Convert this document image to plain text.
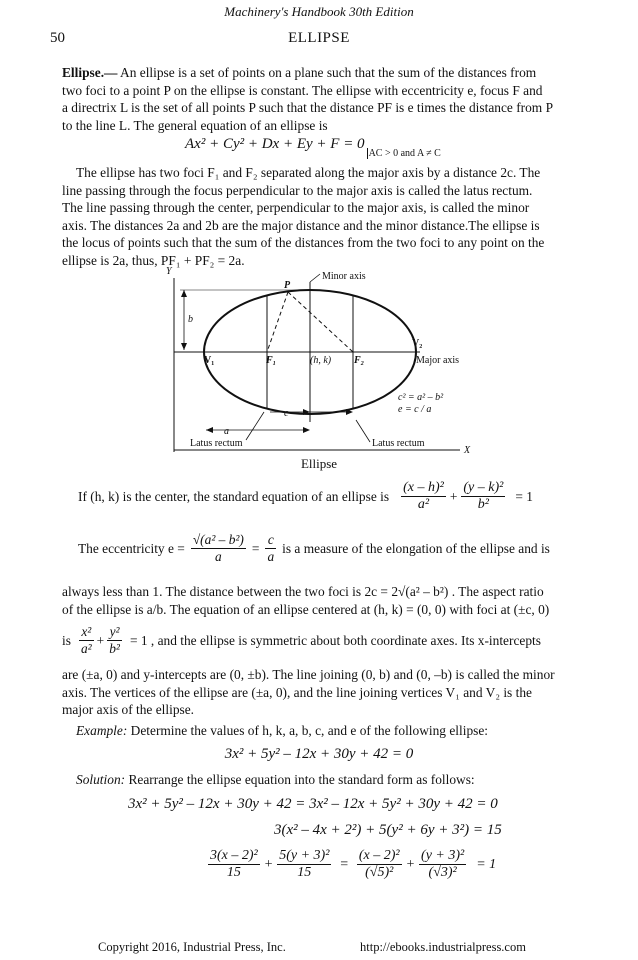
Machinery's Handbook 30th Edition
50	ELLIPSE
Ellipse.— An ellipse is a set of points on a plane such that the sum of the distances from
two foci to a point P on the ellipse is constant. The ellipse with eccentricity e, focus F and
a directrix L is the set of all points P such that the distance PF is e times the distance from P
to the line L. The general equation of an ellipse is
$Ax^2 + Cy^2 + Dx + Ey + F = 0_{AC > 0 and A \ne C}$
The ellipse has two foci F₁ and F₂ separated along the major axis by a distance 2c. The
line passing through the focus perpendicular to the major axis is called the latus rectum.
The line passing through the center, perpendicular to the major axis, is called the minor
axis. The distances 2a and 2b are the major distance and the minor distance.The ellipse is
the locus of points such that the sum of the distances from the two foci to any point on the
ellipse is 2a, thus, PF₁ + PF₂ = 2a.
Y
X
Minor axis
b
P
V₁	F₁	(h, k) F₂
V₂
Major axis
c² = a² – b²
e = c / a
c
a
Latus rectum	Latus rectum
Ellipse
If (h, k) is the center, the standard equation of an ellipse is $\frac{\text{(x – h)²}}{\text{a²}} + \frac{\text{(y – k)²}}{\text{b²}} = 1$
The eccentricity $e = \frac{\text{√(a² – b²)}}{a} = \frac{c}{a}$ is a measure of the elongation of the ellipse and is
always less than 1. The distance between the two foci is 2c = 2√(a² – b²) . The aspect ratio
of the ellipse is a/b. The equation of an ellipse centered at (h, k) = (0, 0) with foci at (±c, 0)
is $\frac{\text{x²}}{\text{a²}} + \frac{\text{y²}}{\text{b²}} = 1$ , and the ellipse is symmetric about both coordinate axes. Its x-intercepts
are (±a, 0) and y-intercepts are (0, ±b). The line joining (0, b) and (0, –b) is called the minor
axis. The vertices of the ellipse are (±a, 0), and the line joining vertices V₁ and V₂ is the
major axis of the ellipse.
Example: Determine the values of h, k, a, b, c, and e of the following ellipse:
3x² + 5y² – 12x + 30y + 42 = 0
Solution: Rearrange the ellipse equation into the standard form as follows:
3x² + 5y² – 12x + 30y + 42 = 3x² – 12x + 5y² + 30y + 42 = 0
3(x² – 4x + 2²) + 5(y² + 6y + 3²) = 15
$\frac{\text{3(x – 2)²}}{15} + \frac{\text{5(y + 3)²}}{15} = \frac{\text{(x – 2)²}}{\text{(√5)²}} + \frac{\text{(y + 3)²}}{\text{(√3)²}} = 1$
Copyright 2016, Industrial Press, Inc.	http://ebooks.industrialpress.com
